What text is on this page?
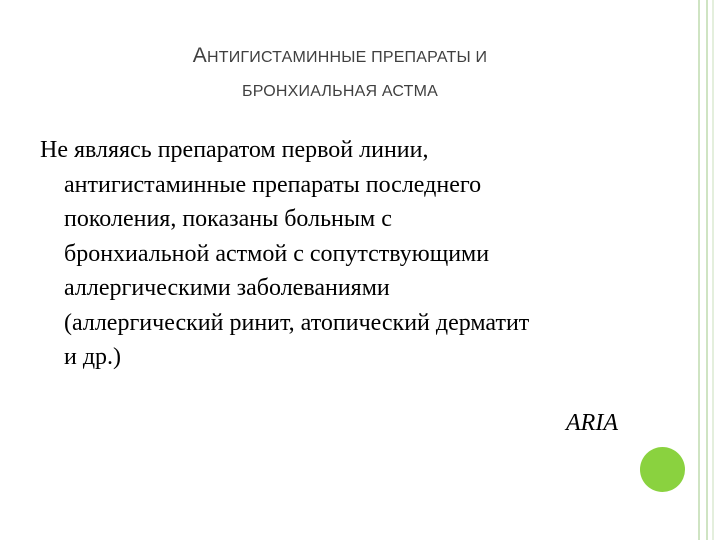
АНТИГИСТАМИННЫЕ ПРЕПАРАТЫ И
БРОНХИАЛЬНАЯ АСТМА
Не являясь препаратом первой линии,
антигистаминные препараты последнего
поколения, показаны больным с
бронхиальной астмой с сопутствующими
аллергическими заболеваниями
(аллергический ринит, атопический дерматит
и др.)
ARIA
